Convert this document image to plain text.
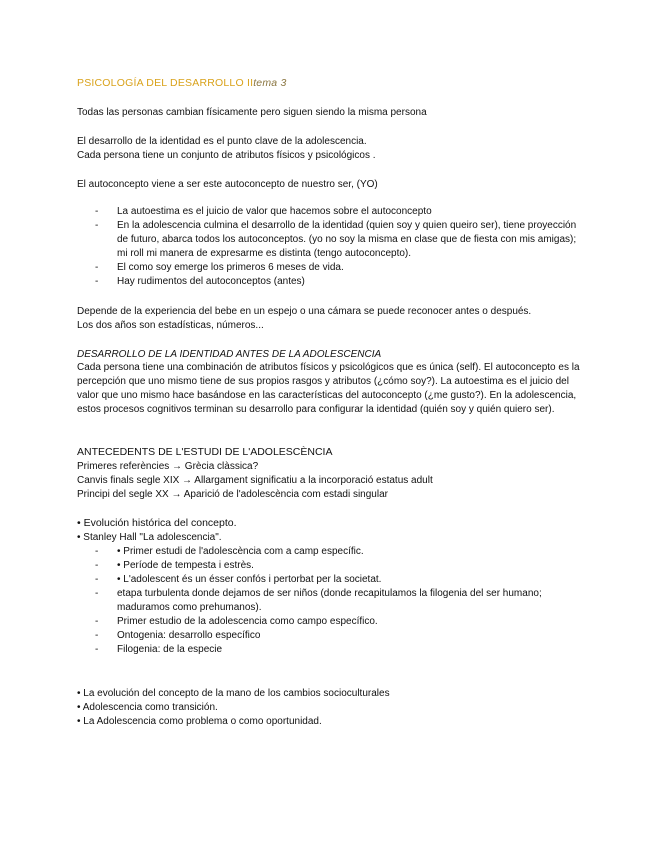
PSICOLOGÍA DEL DESARROLLO IItema 3
Todas las personas cambian físicamente pero siguen siendo la misma persona
El desarrollo de la identidad es el punto clave de la adolescencia.
Cada persona tiene un conjunto de atributos físicos y psicológicos .
El autoconcepto viene a ser este autoconcepto de nuestro ser, (YO)
- La autoestima es el juicio de valor que hacemos sobre el autoconcepto
- En la adolescencia culmina el desarrollo de la identidad (quien soy y quien queiro ser), tiene proyección de futuro, abarca todos los autoconceptos. (yo no soy la misma en clase que de fiesta con mis amigas); mi roll mi manera de expresarme es distinta (tengo autoconcepto).
- El como soy emerge los primeros 6 meses de vida.
- Hay rudimentos del autoconceptos (antes)
Depende de la experiencia del bebe en un espejo o una cámara se puede reconocer antes o después.
Los dos años son estadísticas, números...
DESARROLLO DE LA IDENTIDAD ANTES DE LA ADOLESCENCIA
Cada persona tiene una combinación de atributos físicos y psicológicos que es única (self). El autoconcepto es la percepción que uno mismo tiene de sus propios rasgos y atributos (¿cómo soy?). La autoestima es el juicio del valor que uno mismo hace basándose en las características del autoconcepto (¿me gusto?). En la adolescencia, estos procesos cognitivos terminan su desarrollo para configurar la identidad (quién soy y quién quiero ser).
ANTECEDENTS DE L'ESTUDI DE L'ADOLESCÈNCIA
Primeres referències → Grècia clàssica?
Canvis finals segle XIX → Allargament significatiu a la incorporació estatus adult
Principi del segle XX → Aparició de l'adolescència com estadi singular
• Evolución histórica del concepto.
• Stanley Hall "La adolescencia".
- • Primer estudi de l'adolescència com a camp específic.
- • Període de tempesta i estrès.
- • L'adolescent és un ésser confós i pertorbat per la societat.
- etapa turbulenta donde dejamos de ser niños (donde recapitulamos la filogenia del ser humano; maduramos como prehumanos).
- Primer estudio de la adolescencia como campo específico.
- Ontogenia: desarrollo específico
- Filogenia: de la especie
• La evolución del concepto de la mano de los cambios socioculturales
• Adolescencia como transición.
• La Adolescencia como problema o como oportunidad.
